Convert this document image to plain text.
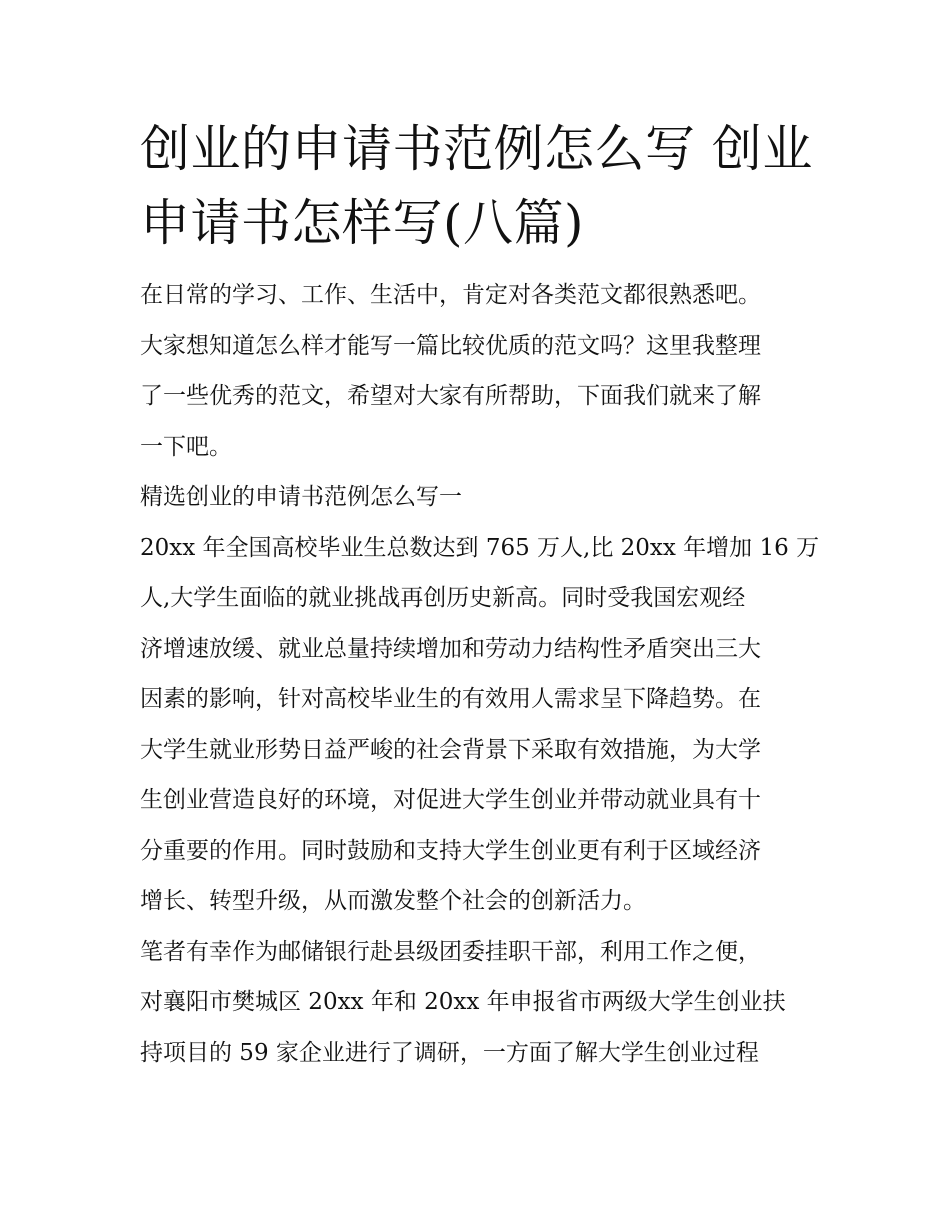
创业的申请书范例怎么写 创业
申请书怎样写(八篇)
在日常的学习、工作、生活中，肯定对各类范文都很熟悉吧。
大家想知道怎么样才能写一篇比较优质的范文吗？这里我整理
了一些优秀的范文，希望对大家有所帮助，下面我们就来了解
一下吧。
精选创业的申请书范例怎么写一
20xx 年全国高校毕业生总数达到 765 万人,比 20xx 年增加 16 万
人,大学生面临的就业挑战再创历史新高。同时受我国宏观经
济增速放缓、就业总量持续增加和劳动力结构性矛盾突出三大
因素的影响，针对高校毕业生的有效用人需求呈下降趋势。在
大学生就业形势日益严峻的社会背景下采取有效措施，为大学
生创业营造良好的环境，对促进大学生创业并带动就业具有十
分重要的作用。同时鼓励和支持大学生创业更有利于区域经济
增长、转型升级，从而激发整个社会的创新活力。
笔者有幸作为邮储银行赴县级团委挂职干部，利用工作之便，
对襄阳市樊城区 20xx 年和 20xx 年申报省市两级大学生创业扶
持项目的 59 家企业进行了调研，一方面了解大学生创业过程
